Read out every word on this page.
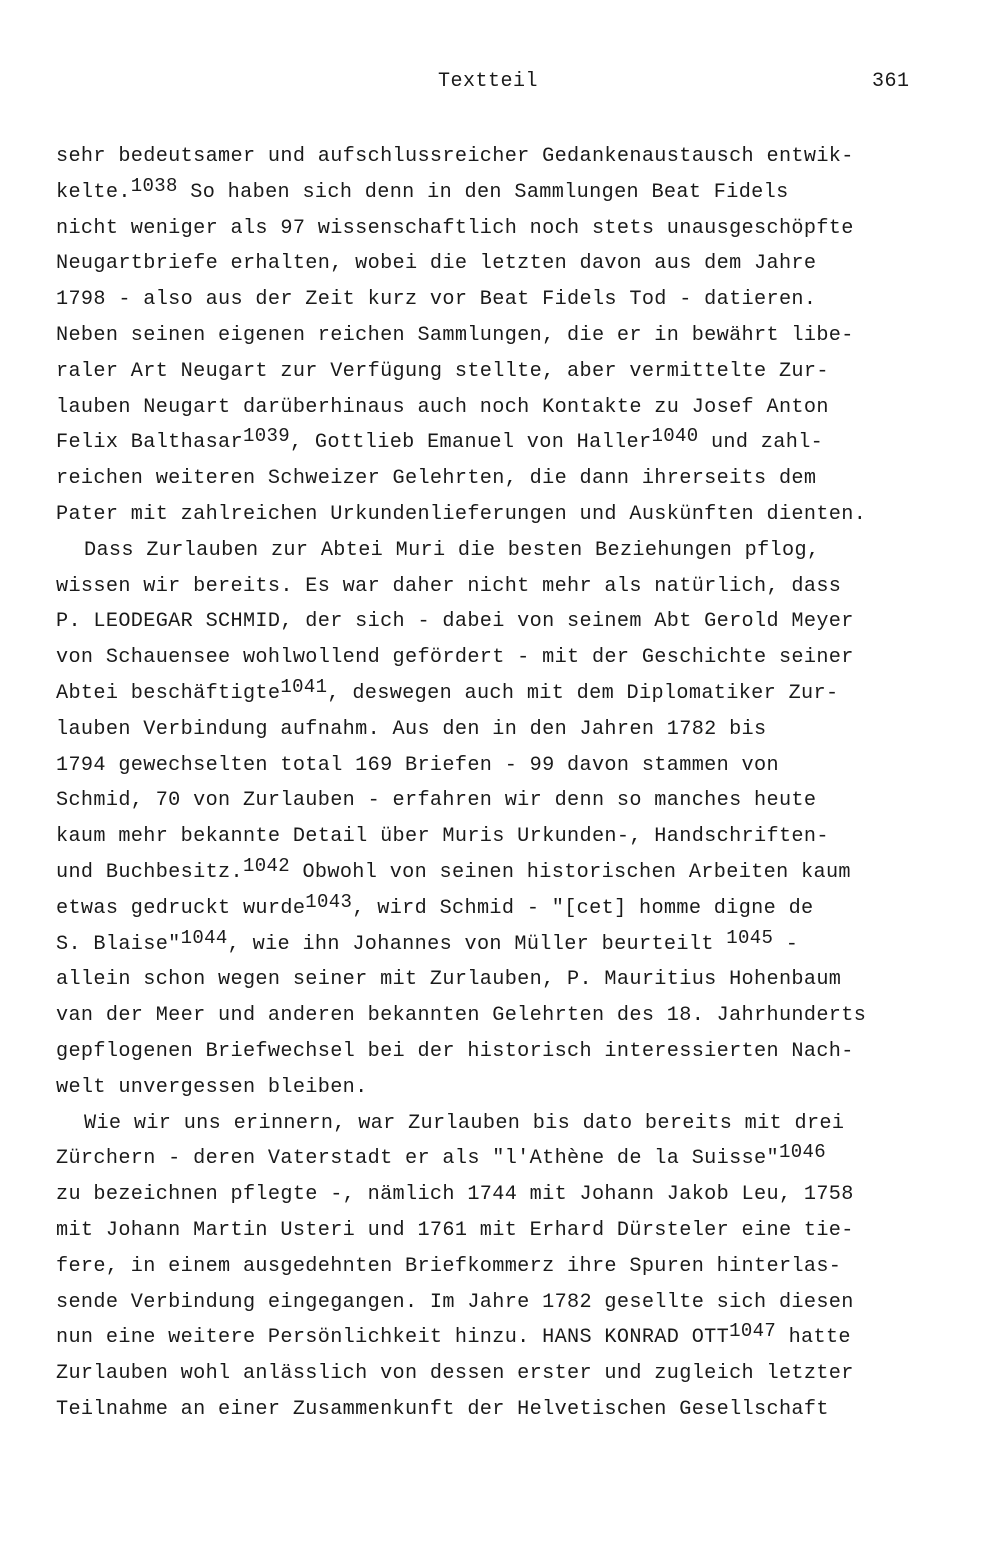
Textteil	361

sehr bedeutsamer und aufschlussreicher Gedankenaustausch entwik-

kelte.$^{1038}$ So haben sich denn in den Sammlungen Beat Fidels

nicht weniger als 97 wissenschaftlich noch stets unausgeschöpfte

Neugartbriefe erhalten, wobei die letzten davon aus dem Jahre

1798 - also aus der Zeit kurz vor Beat Fidels Tod - datieren.

Neben seinen eigenen reichen Sammlungen, die er in bewährt libe-

raler Art Neugart zur Verfügung stellte, aber vermittelte Zur-

lauben Neugart darüberhinaus auch noch Kontakte zu Josef Anton

Felix Balthasar$^{1039}$, Gottlieb Emanuel von Haller$^{1040}$ und zahl-

reichen weiteren Schweizer Gelehrten, die dann ihrerseits dem

Pater mit zahlreichen Urkundenlieferungen und Auskünften dienten.

Dass Zurlauben zur Abtei Muri die besten Beziehungen pflog,

wissen wir bereits. Es war daher nicht mehr als natürlich, dass

P. LEODEGAR SCHMID, der sich - dabei von seinem Abt Gerold Meyer

von Schauensee wohlwollend gefördert - mit der Geschichte seiner

Abtei beschäftigte$^{1041}$, deswegen auch mit dem Diplomatiker Zur-

lauben Verbindung aufnahm. Aus den in den Jahren 1782 bis

1794 gewechselten total 169 Briefen - 99 davon stammen von

Schmid, 70 von Zurlauben - erfahren wir denn so manches heute

kaum mehr bekannte Detail über Muris Urkunden-, Handschriften-

und Buchbesitz.$^{1042}$ Obwohl von seinen historischen Arbeiten kaum

etwas gedruckt wurde$^{1043}$, wird Schmid - "[cet] homme digne de

S. Blaise"$^{1044}$, wie ihn Johannes von Müller beurteilt $^{1045}$ -

allein schon wegen seiner mit Zurlauben, P. Mauritius Hohenbaum

van der Meer und anderen bekannten Gelehrten des 18. Jahrhunderts

gepflogenen Briefwechsel bei der historisch interessierten Nach-

welt unvergessen bleiben.

Wie wir uns erinnern, war Zurlauben bis dato bereits mit drei

Zürchern - deren Vaterstadt er als "l'Athène de la Suisse"$^{1046}$

zu bezeichnen pflegte -, nämlich 1744 mit Johann Jakob Leu, 1758

mit Johann Martin Usteri und 1761 mit Erhard Dürsteler eine tie-

fere, in einem ausgedehnten Briefkommerz ihre Spuren hinterlas-

sende Verbindung eingegangen. Im Jahre 1782 gesellte sich diesen

nun eine weitere Persönlichkeit hinzu. HANS KONRAD $OTT^{1047}$ hatte

Zurlauben wohl anlässlich von dessen erster und zugleich letzter

Teilnahme an einer Zusammenkunft der Helvetischen Gesellschaft
